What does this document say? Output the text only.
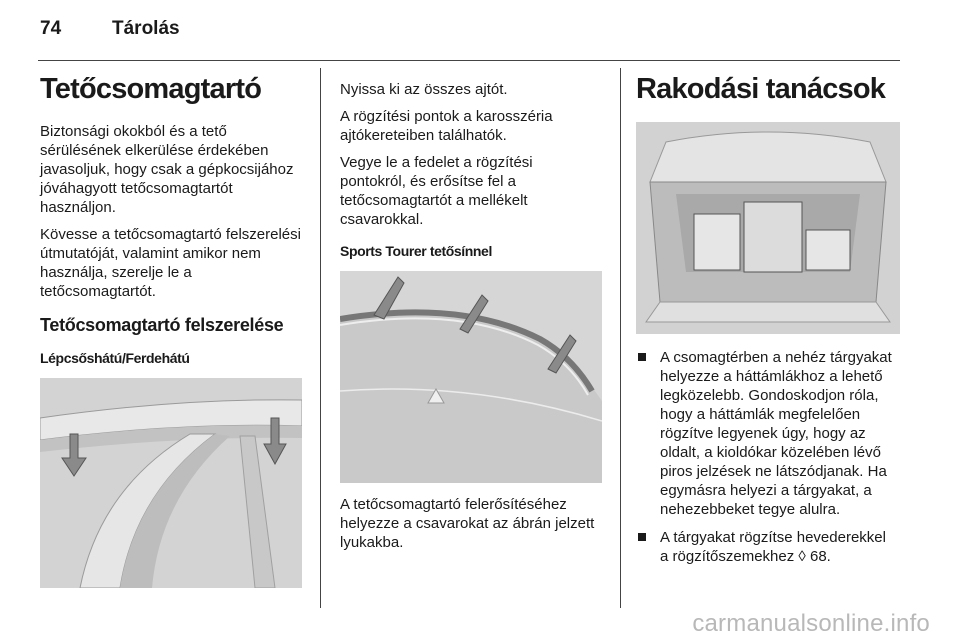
74	Tárolás
Tetőcsomagtartó

Biztonsági okokból és a tető sérülésének elkerülése érdekében javasoljuk, hogy csak a gépkocsijához jóváhagyott tetőcsomagtartót használjon.

Kövesse a tetőcsomagtartó felszerelési útmutatóját, valamint amikor nem használja, szerelje le a tetőcsomagtartót.

Tetőcsomagtartó felszerelése
Lépcsőshátú/Ferdehátú

Nyissa ki az összes ajtót.

A rögzítési pontok a karosszéria ajtókereteiben találhatók.

Vegye le a fedelet a rögzítési pontokról, és erősítse fel a tetőcsomagtartót a mellékelt csavarokkal.

Sports Tourer tetősínnel

A tetőcsomagtartó felerősítéséhez helyezze a csavarokat az ábrán jelzett lyukakba.

Rakodási tanácsok
A csomagtérben a nehéz tárgyakat helyezze a háttámlákhoz a lehető legközelebb. Gondoskodjon róla, hogy a háttámlák megfelelően rögzítve legyenek úgy, hogy az oldalt, a kioldókar közelében lévő piros jelzések ne látszódjanak. Ha egymásra helyezi a tárgyakat, a nehezebbeket tegye alulra.
A tárgyakat rögzítse hevederekkel a rögzítőszemekhez ◊ 68.
carmanualsonline.info
